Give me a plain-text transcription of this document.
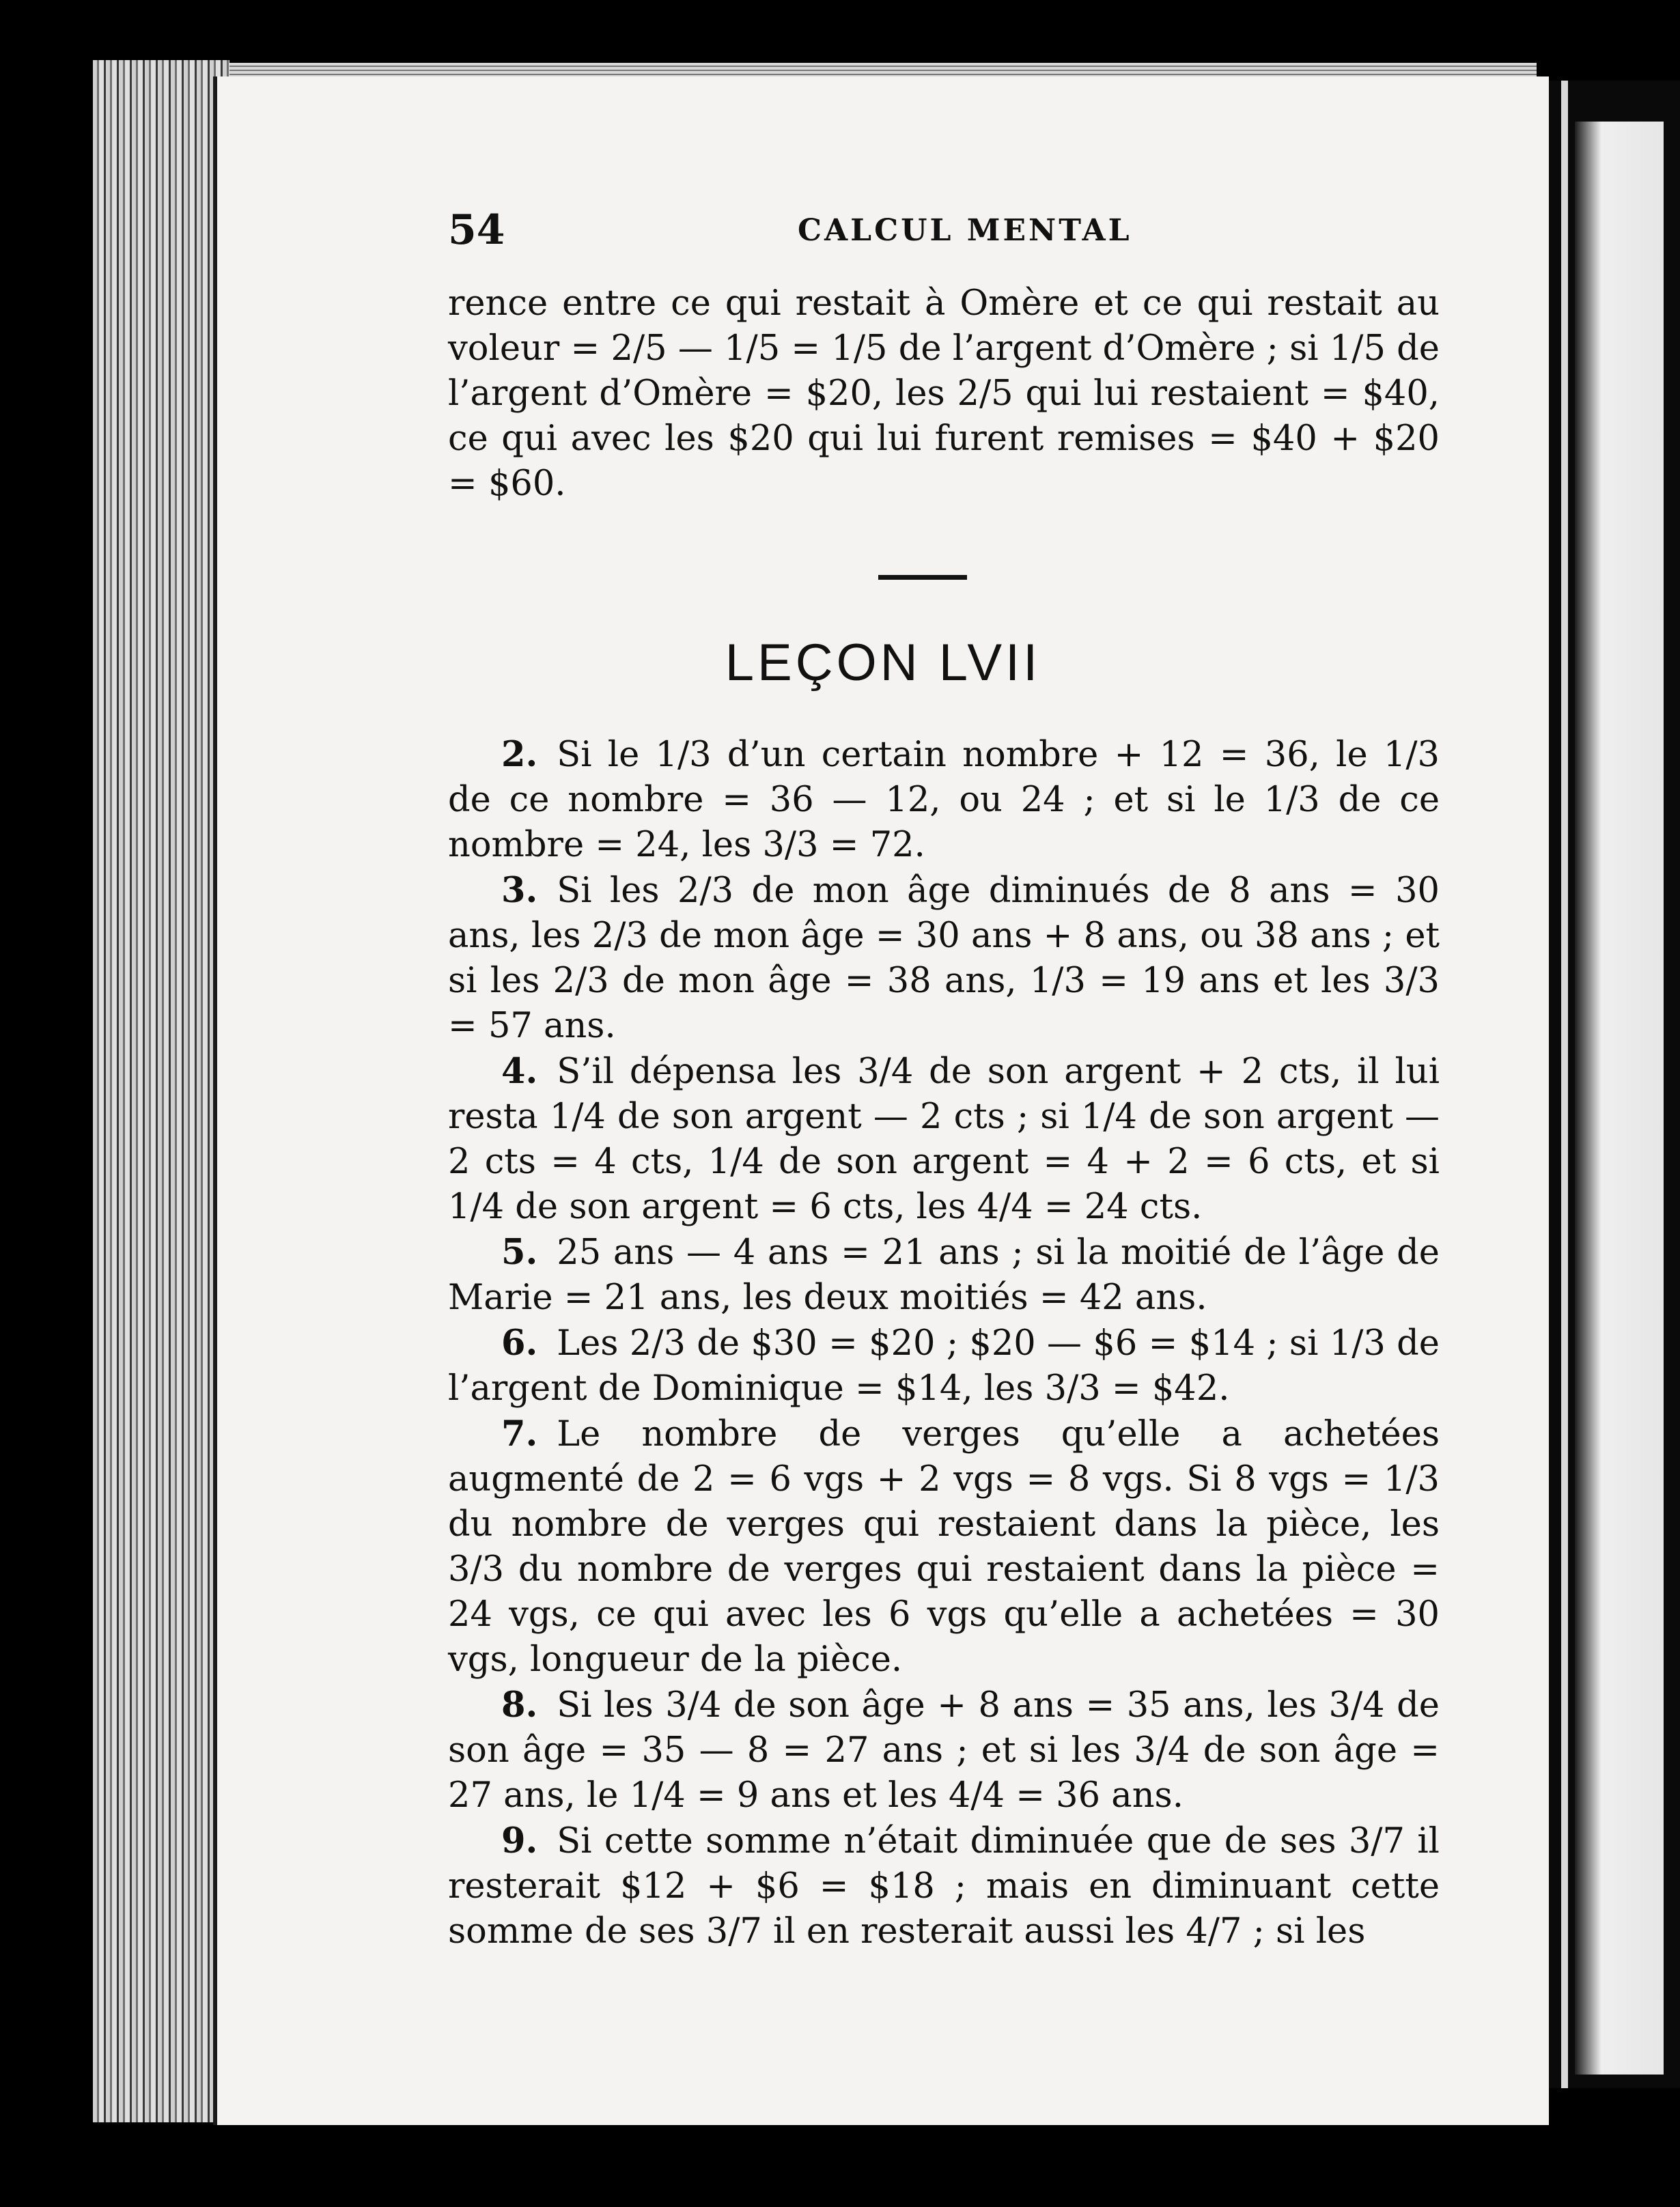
54	CALCUL MENTAL

rence entre ce qui restait à Omère et ce qui restait au voleur = 2/5 — 1/5 = 1/5 de l’argent d’Omère ; si 1/5 de l’argent d’Omère = $20, les 2/5 qui lui restaient = $40, ce qui avec les $20 qui lui furent remises = $40 + $20 = $60.

LEÇON LVII

2. Si le 1/3 d’un certain nombre + 12 = 36, le 1/3 de ce nombre = 36 — 12, ou 24 ; et si le 1/3 de ce nombre = 24, les 3/3 = 72.

3. Si les 2/3 de mon âge diminués de 8 ans = 30 ans, les 2/3 de mon âge = 30 ans + 8 ans, ou 38 ans ; et si les 2/3 de mon âge = 38 ans, 1/3 = 19 ans et les 3/3 = 57 ans.

4. S’il dépensa les 3/4 de son argent + 2 cts, il lui resta 1/4 de son argent — 2 cts ; si 1/4 de son argent — 2 cts = 4 cts, 1/4 de son argent = 4 + 2 = 6 cts, et si 1/4 de son argent = 6 cts, les 4/4 = 24 cts.

5. 25 ans — 4 ans = 21 ans ; si la moitié de l’âge de Marie = 21 ans, les deux moitiés = 42 ans.

6. Les 2/3 de $30 = $20 ; $20 — $6 = $14 ; si 1/3 de l’argent de Dominique = $14, les 3/3 = $42.

7. Le nombre de verges qu’elle a achetées augmenté de 2 = 6 vgs + 2 vgs = 8 vgs. Si 8 vgs = 1/3 du nombre de verges qui restaient dans la pièce, les 3/3 du nombre de verges qui restaient dans la pièce = 24 vgs, ce qui avec les 6 vgs qu’elle a achetées = 30 vgs, longueur de la pièce.

8. Si les 3/4 de son âge + 8 ans = 35 ans, les 3/4 de son âge = 35 — 8 = 27 ans ; et si les 3/4 de son âge = 27 ans, le 1/4 = 9 ans et les 4/4 = 36 ans.

9. Si cette somme n’était diminuée que de ses 3/7 il resterait $12 + $6 = $18 ; mais en diminuant cette somme de ses 3/7 il en resterait aussi les 4/7 ; si les
